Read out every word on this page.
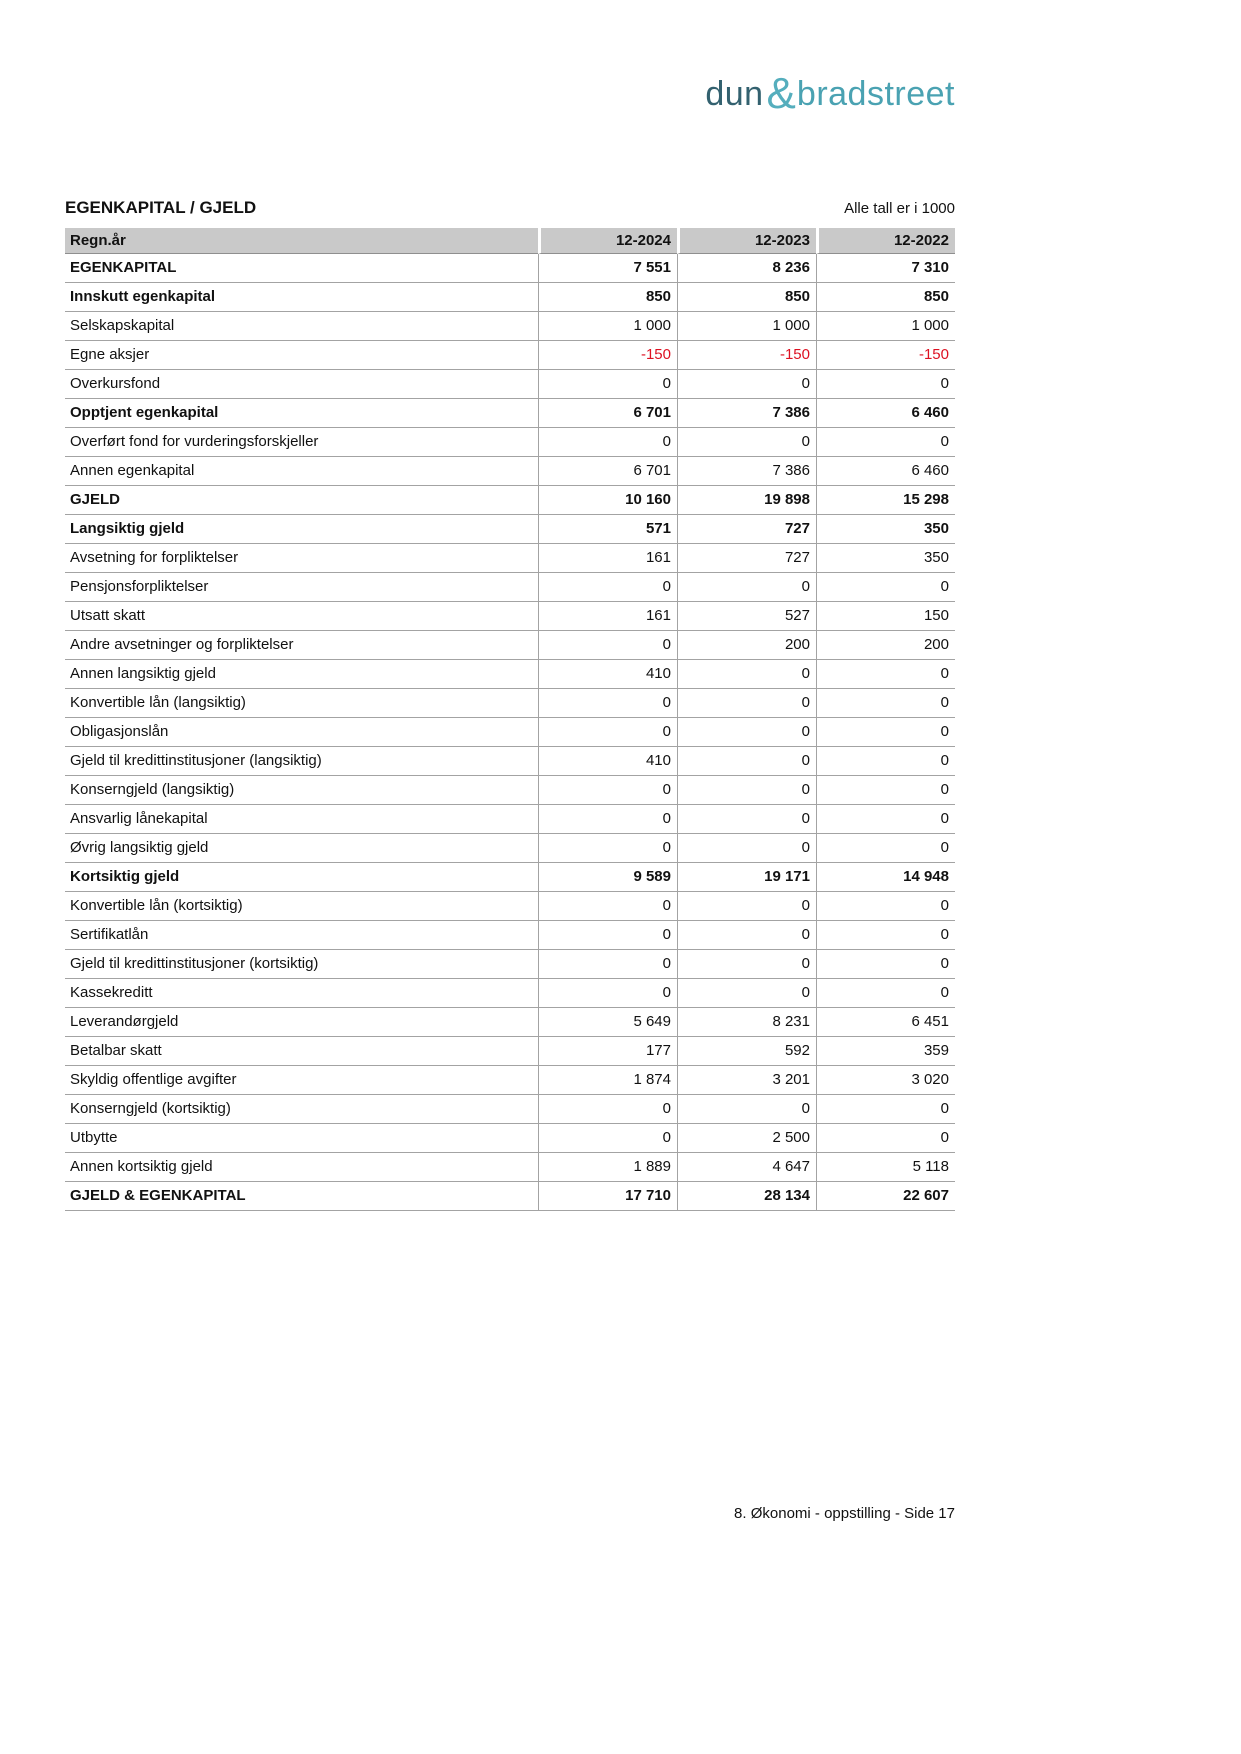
dun & bradstreet
EGENKAPITAL / GJELD	Alle tall er i 1000
Regn.år	12-2024	12-2023	12-2022
EGENKAPITAL	7 551	8 236	7 310
Innskutt egenkapital	850	850	850
Selskapskapital	1 000	1 000	1 000
Egne aksjer	-150	-150	-150
Overkursfond	0	0	0
Opptjent egenkapital	6 701	7 386	6 460
Overført fond for vurderingsforskjeller	0	0	0
Annen egenkapital	6 701	7 386	6 460
GJELD	10 160	19 898	15 298
Langsiktig gjeld	571	727	350
Avsetning for forpliktelser	161	727	350
Pensjonsforpliktelser	0	0	0
Utsatt skatt	161	527	150
Andre avsetninger og forpliktelser	0	200	200
Annen langsiktig gjeld	410	0	0
Konvertible lån (langsiktig)	0	0	0
Obligasjonslån	0	0	0
Gjeld til kredittinstitusjoner (langsiktig)	410	0	0
Konserngjeld (langsiktig)	0	0	0
Ansvarlig lånekapital	0	0	0
Øvrig langsiktig gjeld	0	0	0
Kortsiktig gjeld	9 589	19 171	14 948
Konvertible lån (kortsiktig)	0	0	0
Sertifikatlån	0	0	0
Gjeld til kredittinstitusjoner (kortsiktig)	0	0	0
Kassekreditt	0	0	0
Leverandørgjeld	5 649	8 231	6 451
Betalbar skatt	177	592	359
Skyldig offentlige avgifter	1 874	3 201	3 020
Konserngjeld (kortsiktig)	0	0	0
Utbytte	0	2 500	0
Annen kortsiktig gjeld	1 889	4 647	5 118
GJELD & EGENKAPITAL	17 710	28 134	22 607
8. Økonomi - oppstilling - Side 17
